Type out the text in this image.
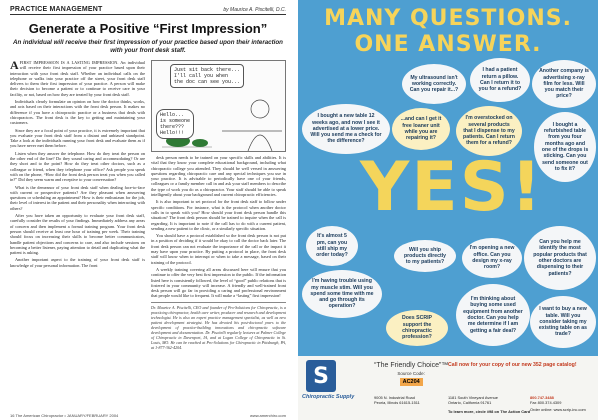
PRACTICE MANAGEMENT	by Maurice A. Piscitelli, D.C.
Generate a Positive “First Impression”
An individual will receive their first impression of your practice based upon their interaction with your front desk staff.

AFIRST IMPRESSION IS A LASTING IMPRESSION. An individual will receive their first impression of your practice based upon their interaction with your front desk staff. Whether an individual calls on the telephone or walks into your practice off the street, your front desk staff delivers to them their first impression of your practice. A person will make their decision to become a patient or to continue to receive care in your facility, or not, based on how they are treated by your front desk staff.

Individuals clearly formulate an opinion on how the doctor thinks, works, and acts based on their interactions with the front desk person. It makes no difference if you have a chiropractic practice or a business that deals with chiropractors. The front desk is the key to getting and maintaining your customers.

Since they are a focal point of your practice, it is extremely important that you evaluate your front desk staff from a distant and unbiased standpoint. Take a look at the individuals running your front desk and evaluate them as if you have never met them before.

Listen when they answer the telephone. How do they treat the person on the other end of the line? Do they sound caring and accommodating? Or are they short and to the point? How do they treat other doctors, such as a colleague or friend, when they telephone your office? Ask people you speak with on the phone, “How did the front desk person treat you when you called in?” Did they seem warm and receptive to your conversation?

What is the demeanor of your front desk staff when dealing face-to-face with current or prospective patients? Are they pleasant when answering questions or scheduling an appointment? How is their enthusiasm for the job, their level of interest in the patient and their personality when interacting with others?

After you have taken an opportunity to evaluate your front desk staff, carefully consider the results of your findings. Immediately address any areas of concern and then implement a formal training program. Your front desk person should receive at least one hour of training per week. Their training should focus on increasing their skills to become better communicators, handle patient objections and concerns to care, and also include sessions on becoming a better listener, paying attention to detail and duplicating what the patient is asking.

Another important aspect to the training of your front desk staff is knowledge of your personal information. The front

Just sit back there...
I'll call you when
the doc can see you...
Hello...
is someone
there???
Hello!!!

desk person needs to be trained on your specific skills and abilities. It is vital that they know your complete educational background, including what chiropractic college you attended. They should be well versed in answering questions regarding chiropractic care and any special techniques you use in your practice. It is advisable to periodically have one of your friends, colleagues or a family member call in and ask your staff members to describe the type of work you do as a chiropractor. Your staff should be able to speak intelligently about your background and current chiropractic efficiencies.

It is also important to set protocol for the front desk staff to follow under specific conditions. For instance, what is the protocol when another doctor calls in to speak with you? How should your front desk person handle this situation? The front desk person should be trained to inquire when the call is regarding. It is important to note if the call has to do with a current patient, sending a new patient to the clinic, or a similarly specific situation.

You should have a protocol established so the front desk person is not put in a position of deciding if it would be okay to call the doctor back later. The front desk person can not evaluate the importance of the call or the impact it may have upon your practice. By putting a protocol in place, the front desk staff will know when to interrupt or when to take a message, based on their training of the protocol.

A weekly training covering all areas discussed here will ensure that you continue to offer the very best first impression to the public. If the information listed here is consistently followed, the level of “good” public relations that is fostered in your community will increase. A friendly and well-trained front desk person will go far in providing a caring and professional environment that people would like to frequent. It will make a “lasting” first impression!

Dr. Maurice A. Piscitelli, CEO and founder of Pro-Solutions for Chiropractic, is a practicing chiropractor, health care writer, producer and research and development technologist. He is also an expert practice management specialist, as well as new patient development strategist. He has devoted his post-doctoral years to the development of practice-building innovations and chiropractic software development and documentation. Dr. Piscitelli regularly lectures at Palmer College of Chiropractic in Davenport, IA, and at Logan College of Chiropractic in St. Louis, MO. He can be reached at Pro-Solutions for Chiropractic in Pittsburgh, PA, at 1-877-362-4204.
16 The American Chiropractor • JANUARY/FEBRUARY 2004	www.amerchiro.com
MANY QUESTIONS.
ONE ANSWER.
My ultrasound isn't working correctly. Can you repair it...?
I had a patient return a pillow. Can I return it to you for a refund?
Another company is advertising x-ray film for less. Will you match their price?
I bought a new table 12 weeks ago, and now I see it advertised at a lower price. Will you send me a check for the difference?
...and can I get it free loaner unit while you are repairing it?
I'm overstocked on several products that I dispense to my patients. Can I return them for a refund?
I bought a refurbished table from you four months ago and one of the drops is sticking. Can you send someone out to fix it?
YES!
It's almost 5 pm, can you still ship my order today?
Will you ship products directly to my patients?
I'm opening a new office. Can you design my x-ray room?
Can you help me identify the most popular products that other doctors are dispensing to their patients?
I'm having trouble using my muscle stim. Will you spend some time with me and go through its operation?
I'm thinking about buying some used equipment from another doctor. Can you help me determine if I am getting a fair deal?
Does SCRIP support the chiropractic profession?
I want to buy a new table. Will you consider taking my existing table on as trade?
S
Chiropractic Supply
“The Friendly Choice”™
Source Code:
AC204
Call now for your copy of our new 352 page catalog!
9005 N. Industrial Road
Peoria, Illinois 61615-1511
1181 South Vineyard Avenue
Ontario, California 91761
800.747.3488
Fax 800.374.4309
Order online: www.scrip-inc.com
To learn more, circle #98 on The Action Card
